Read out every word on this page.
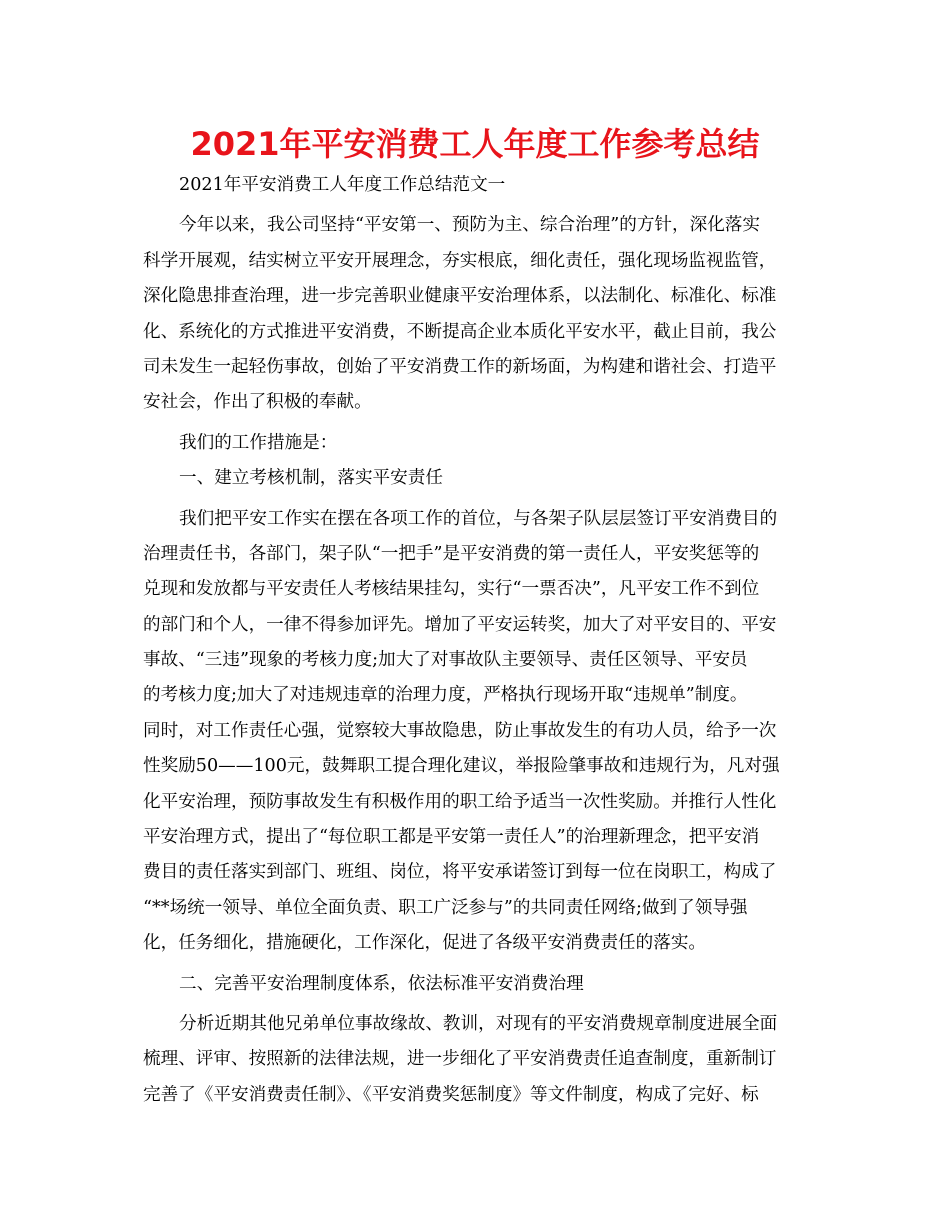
2021年平安消费工人年度工作参考总结
2021年平安消费工人年度工作总结范文一
今年以来，我公司坚持“平安第一、预防为主、综合治理”的方针，深化落实
科学开展观，结实树立平安开展理念，夯实根底，细化责任，强化现场监视监管，
深化隐患排查治理，进一步完善职业健康平安治理体系，以法制化、标准化、标准
化、系统化的方式推进平安消费，不断提高企业本质化平安水平，截止目前，我公
司未发生一起轻伤事故，创始了平安消费工作的新场面，为构建和谐社会、打造平
安社会，作出了积极的奉献。
我们的工作措施是：
一、建立考核机制，落实平安责任
我们把平安工作实在摆在各项工作的首位，与各架子队层层签订平安消费目的
治理责任书，各部门，架子队“一把手”是平安消费的第一责任人，平安奖惩等的
兑现和发放都与平安责任人考核结果挂勾，实行“一票否决”，凡平安工作不到位
的部门和个人，一律不得参加评先。增加了平安运转奖，加大了对平安目的、平安
事故、“三违”现象的考核力度;加大了对事故队主要领导、责任区领导、平安员
的考核力度;加大了对违规违章的治理力度，严格执行现场开取“违规单”制度。
同时，对工作责任心强，觉察较大事故隐患，防止事故发生的有功人员，给予一次
性奖励50——100元，鼓舞职工提合理化建议，举报险肇事故和违规行为，凡对强
化平安治理，预防事故发生有积极作用的职工给予适当一次性奖励。并推行人性化
平安治理方式，提出了“每位职工都是平安第一责任人”的治理新理念，把平安消
费目的责任落实到部门、班组、岗位，将平安承诺签订到每一位在岗职工，构成了
“**场统一领导、单位全面负责、职工广泛参与”的共同责任网络;做到了领导强
化，任务细化，措施硬化，工作深化，促进了各级平安消费责任的落实。
二、完善平安治理制度体系，依法标准平安消费治理
分析近期其他兄弟单位事故缘故、教训，对现有的平安消费规章制度进展全面
梳理、评审、按照新的法律法规，进一步细化了平安消费责任追查制度，重新制订
完善了《平安消费责任制》、《平安消费奖惩制度》等文件制度，构成了完好、标
